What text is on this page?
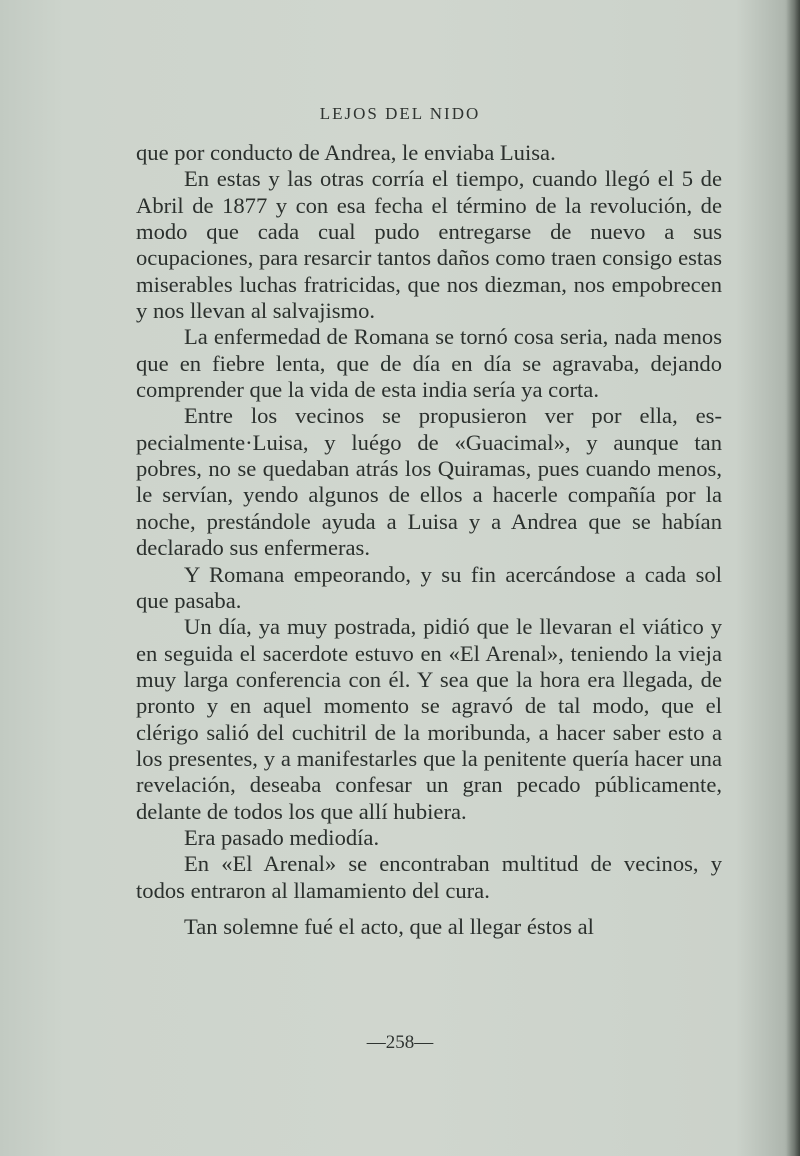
LEJOS DEL NIDO

que por conducto de Andrea, le enviaba Luisa.

En estas y las otras corría el tiempo, cuando llegó el 5 de Abril de 1877 y con esa fecha el término de la revolución, de modo que cada cual pudo entregarse de nuevo a sus ocupaciones, para resarcir tantos daños como traen consigo estas miserables luchas fratricidas, que nos diezman, nos empobrecen y nos llevan al salvajismo.

La enfermedad de Romana se tornó cosa seria, nada menos que en fiebre lenta, que de día en día se agravaba, dejando comprender que la vida de esta india sería ya corta.

Entre los vecinos se propusieron ver por ella, especialmente·Luisa, y luégo de «Guacimal», y aunque tan pobres, no se quedaban atrás los Quiramas, pues cuando menos, le servían, yendo algunos de ellos a hacerle compañía por la noche, prestándole ayuda a Luisa y a Andrea que se habían declarado sus enfermeras.

Y Romana empeorando, y su fin acercándose a cada sol que pasaba.

Un día, ya muy postrada, pidió que le llevaran el viático y en seguida el sacerdote estuvo en «El Arenal», teniendo la vieja muy larga conferencia con él. Y sea que la hora era llegada, de pronto y en aquel momento se agravó de tal modo, que el clérigo salió del cuchitril de la moribunda, a hacer saber esto a los presentes, y a manifestarles que la penitente quería hacer una revelación, deseaba confesar un gran pecado públicamente, delante de todos los que allí hubiera.

Era pasado mediodía.

En «El Arenal» se encontraban multitud de vecinos, y todos entraron al llamamiento del cura.

Tan solemne fué el acto, que al llegar éstos al

—258—
